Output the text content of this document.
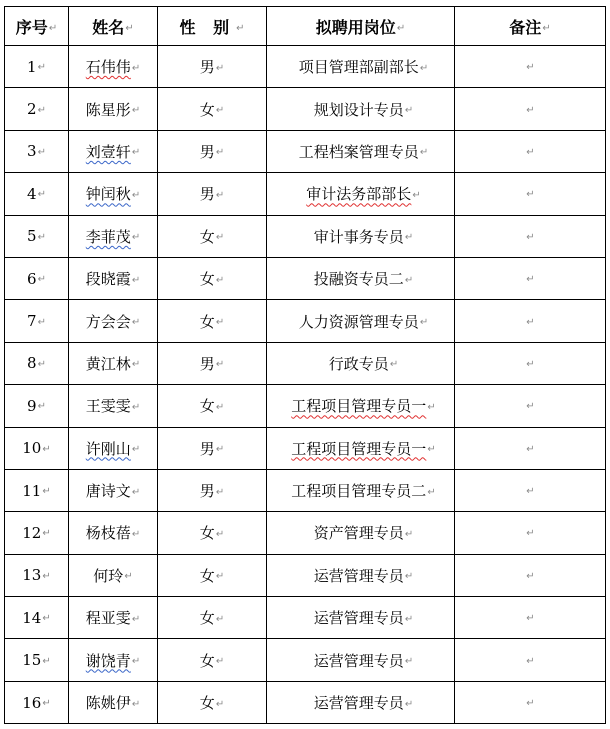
序号↵	姓名↵	性 别↵	拟聘用岗位↵	备注↵
1↵	石伟伟↵	男↵	项目管理部副部长↵	↵
2↵	陈星彤↵	女↵	规划设计专员↵	↵
3↵	刘壹轩↵	男↵	工程档案管理专员↵	↵
4↵	钟闰秋↵	男↵	审计法务部部长↵	↵
5↵	李菲茂↵	女↵	审计事务专员↵	↵
6↵	段晓霞↵	女↵	投融资专员二↵	↵
7↵	方会会↵	女↵	人力资源管理专员↵	↵
8↵	黄江林↵	男↵	行政专员↵	↵
9↵	王雯雯↵	女↵	工程项目管理专员一↵	↵
10↵	许刚山↵	男↵	工程项目管理专员一↵	↵
11↵	唐诗文↵	男↵	工程项目管理专员二↵	↵
12↵	杨枝蓓↵	女↵	资产管理专员↵	↵
13↵	何玲↵	女↵	运营管理专员↵	↵
14↵	程亚雯↵	女↵	运营管理专员↵	↵
15↵	谢饶青↵	女↵	运营管理专员↵	↵
16↵	陈姚伊↵	女↵	运营管理专员↵	↵
